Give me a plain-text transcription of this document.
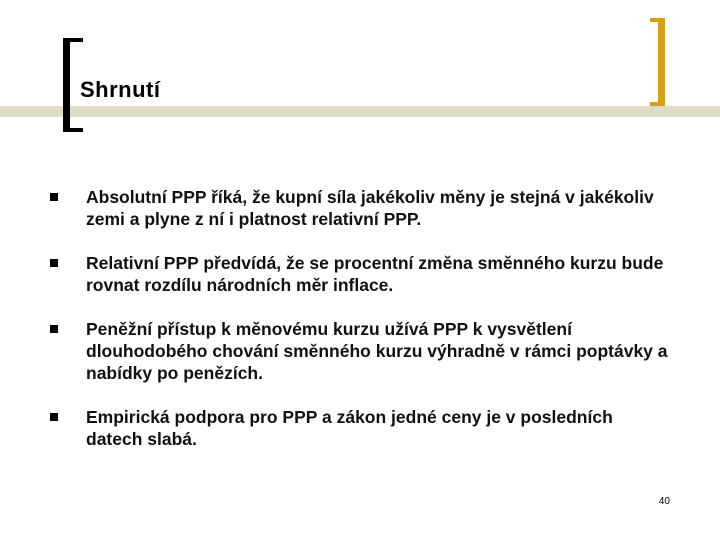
Shrnutí
Absolutní PPP říká, že kupní síla jakékoliv měny je stejná v jakékoliv zemi a plyne z ní i platnost relativní PPP.
Relativní PPP předvídá, že se procentní změna směnného kurzu bude rovnat rozdílu národních měr inflace.
Peněžní přístup k měnovému kurzu užívá PPP k vysvětlení dlouhodobého chování směnného kurzu výhradně v rámci poptávky a nabídky po penězích.
Empirická podpora pro PPP a zákon jedné ceny je v posledních datech slabá.
40
